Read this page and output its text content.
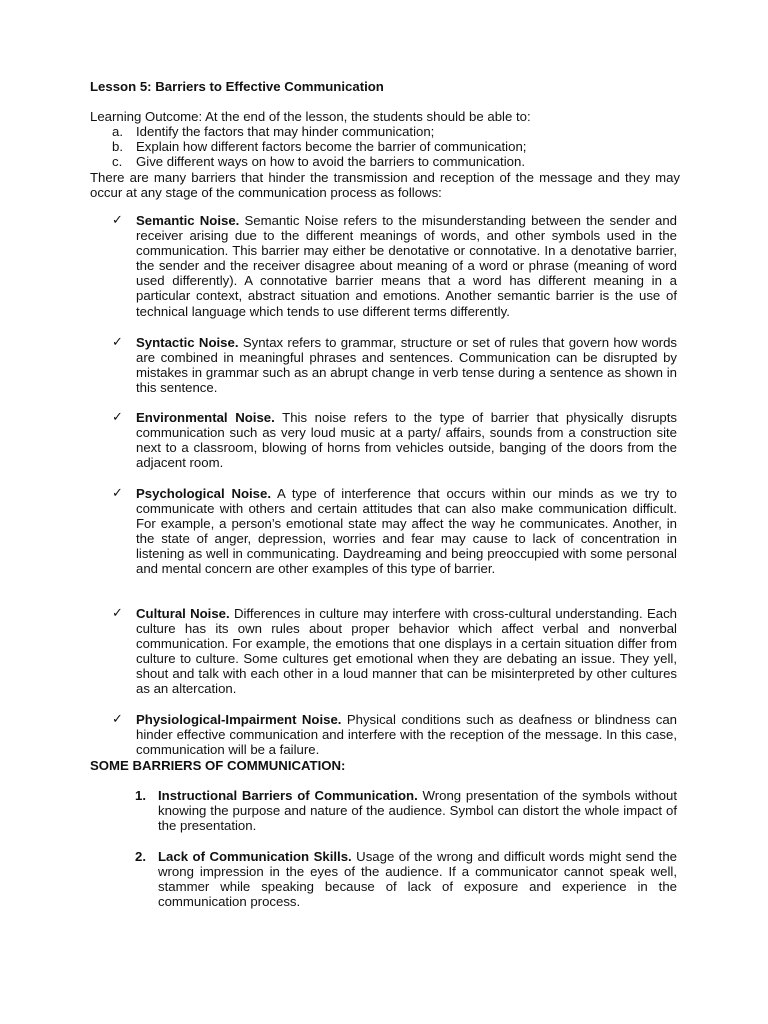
Lesson 5: Barriers to Effective Communication
Learning Outcome: At the end of the lesson, the students should be able to:
a. Identify the factors that may hinder communication;
b. Explain how different factors become the barrier of communication;
c.	Give different ways on how to avoid the barriers to communication.
There are many barriers that hinder the transmission and reception of the message and they may occur at any stage of the communication process as follows:
✓ Semantic Noise. Semantic Noise refers to the misunderstanding between the sender and receiver arising due to the different meanings of words, and other symbols used in the communication. This barrier may either be denotative or connotative. In a denotative barrier, the sender and the receiver disagree about meaning of a word or phrase (meaning of word used differently). A connotative barrier means that a word has different meaning in a particular context, abstract situation and emotions. Another semantic barrier is the use of technical language which tends to use different terms differently.
✓ Syntactic Noise. Syntax refers to grammar, structure or set of rules that govern how words are combined in meaningful phrases and sentences. Communication can be disrupted by mistakes in grammar such as an abrupt change in verb tense during a sentence as shown in this sentence.
✓ Environmental Noise. This noise refers to the type of barrier that physically disrupts communication such as very loud music at a party/ affairs, sounds from a construction site next to a classroom, blowing of horns from vehicles outside, banging of the doors from the adjacent room.
✓ Psychological Noise. A type of interference that occurs within our minds as we try to communicate with others and certain attitudes that can also make communication difficult. For example, a person’s emotional state may affect the way he communicates. Another, in the state of anger, depression, worries and fear may cause to lack of concentration in listening as well in communicating. Daydreaming and being preoccupied with some personal and mental concern are other examples of this type of barrier.
✓ Cultural Noise. Differences in culture may interfere with cross-cultural understanding. Each culture has its own rules about proper behavior which affect verbal and nonverbal communication. For example, the emotions that one displays in a certain situation differ from culture to culture. Some cultures get emotional when they are debating an issue. They yell, shout and talk with each other in a loud manner that can be misinterpreted by other cultures as an altercation.
✓ Physiological-Impairment Noise. Physical conditions such as deafness or blindness can hinder effective communication and interfere with the reception of the message. In this case, communication will be a failure.
SOME BARRIERS OF COMMUNICATION:
1. Instructional Barriers of Communication. Wrong presentation of the symbols without knowing the purpose and nature of the audience. Symbol can distort the whole impact of the presentation.
2. Lack of Communication Skills. Usage of the wrong and difficult words might send the wrong impression in the eyes of the audience. If a communicator cannot speak well, stammer while speaking because of lack of exposure and experience in the communication process.
